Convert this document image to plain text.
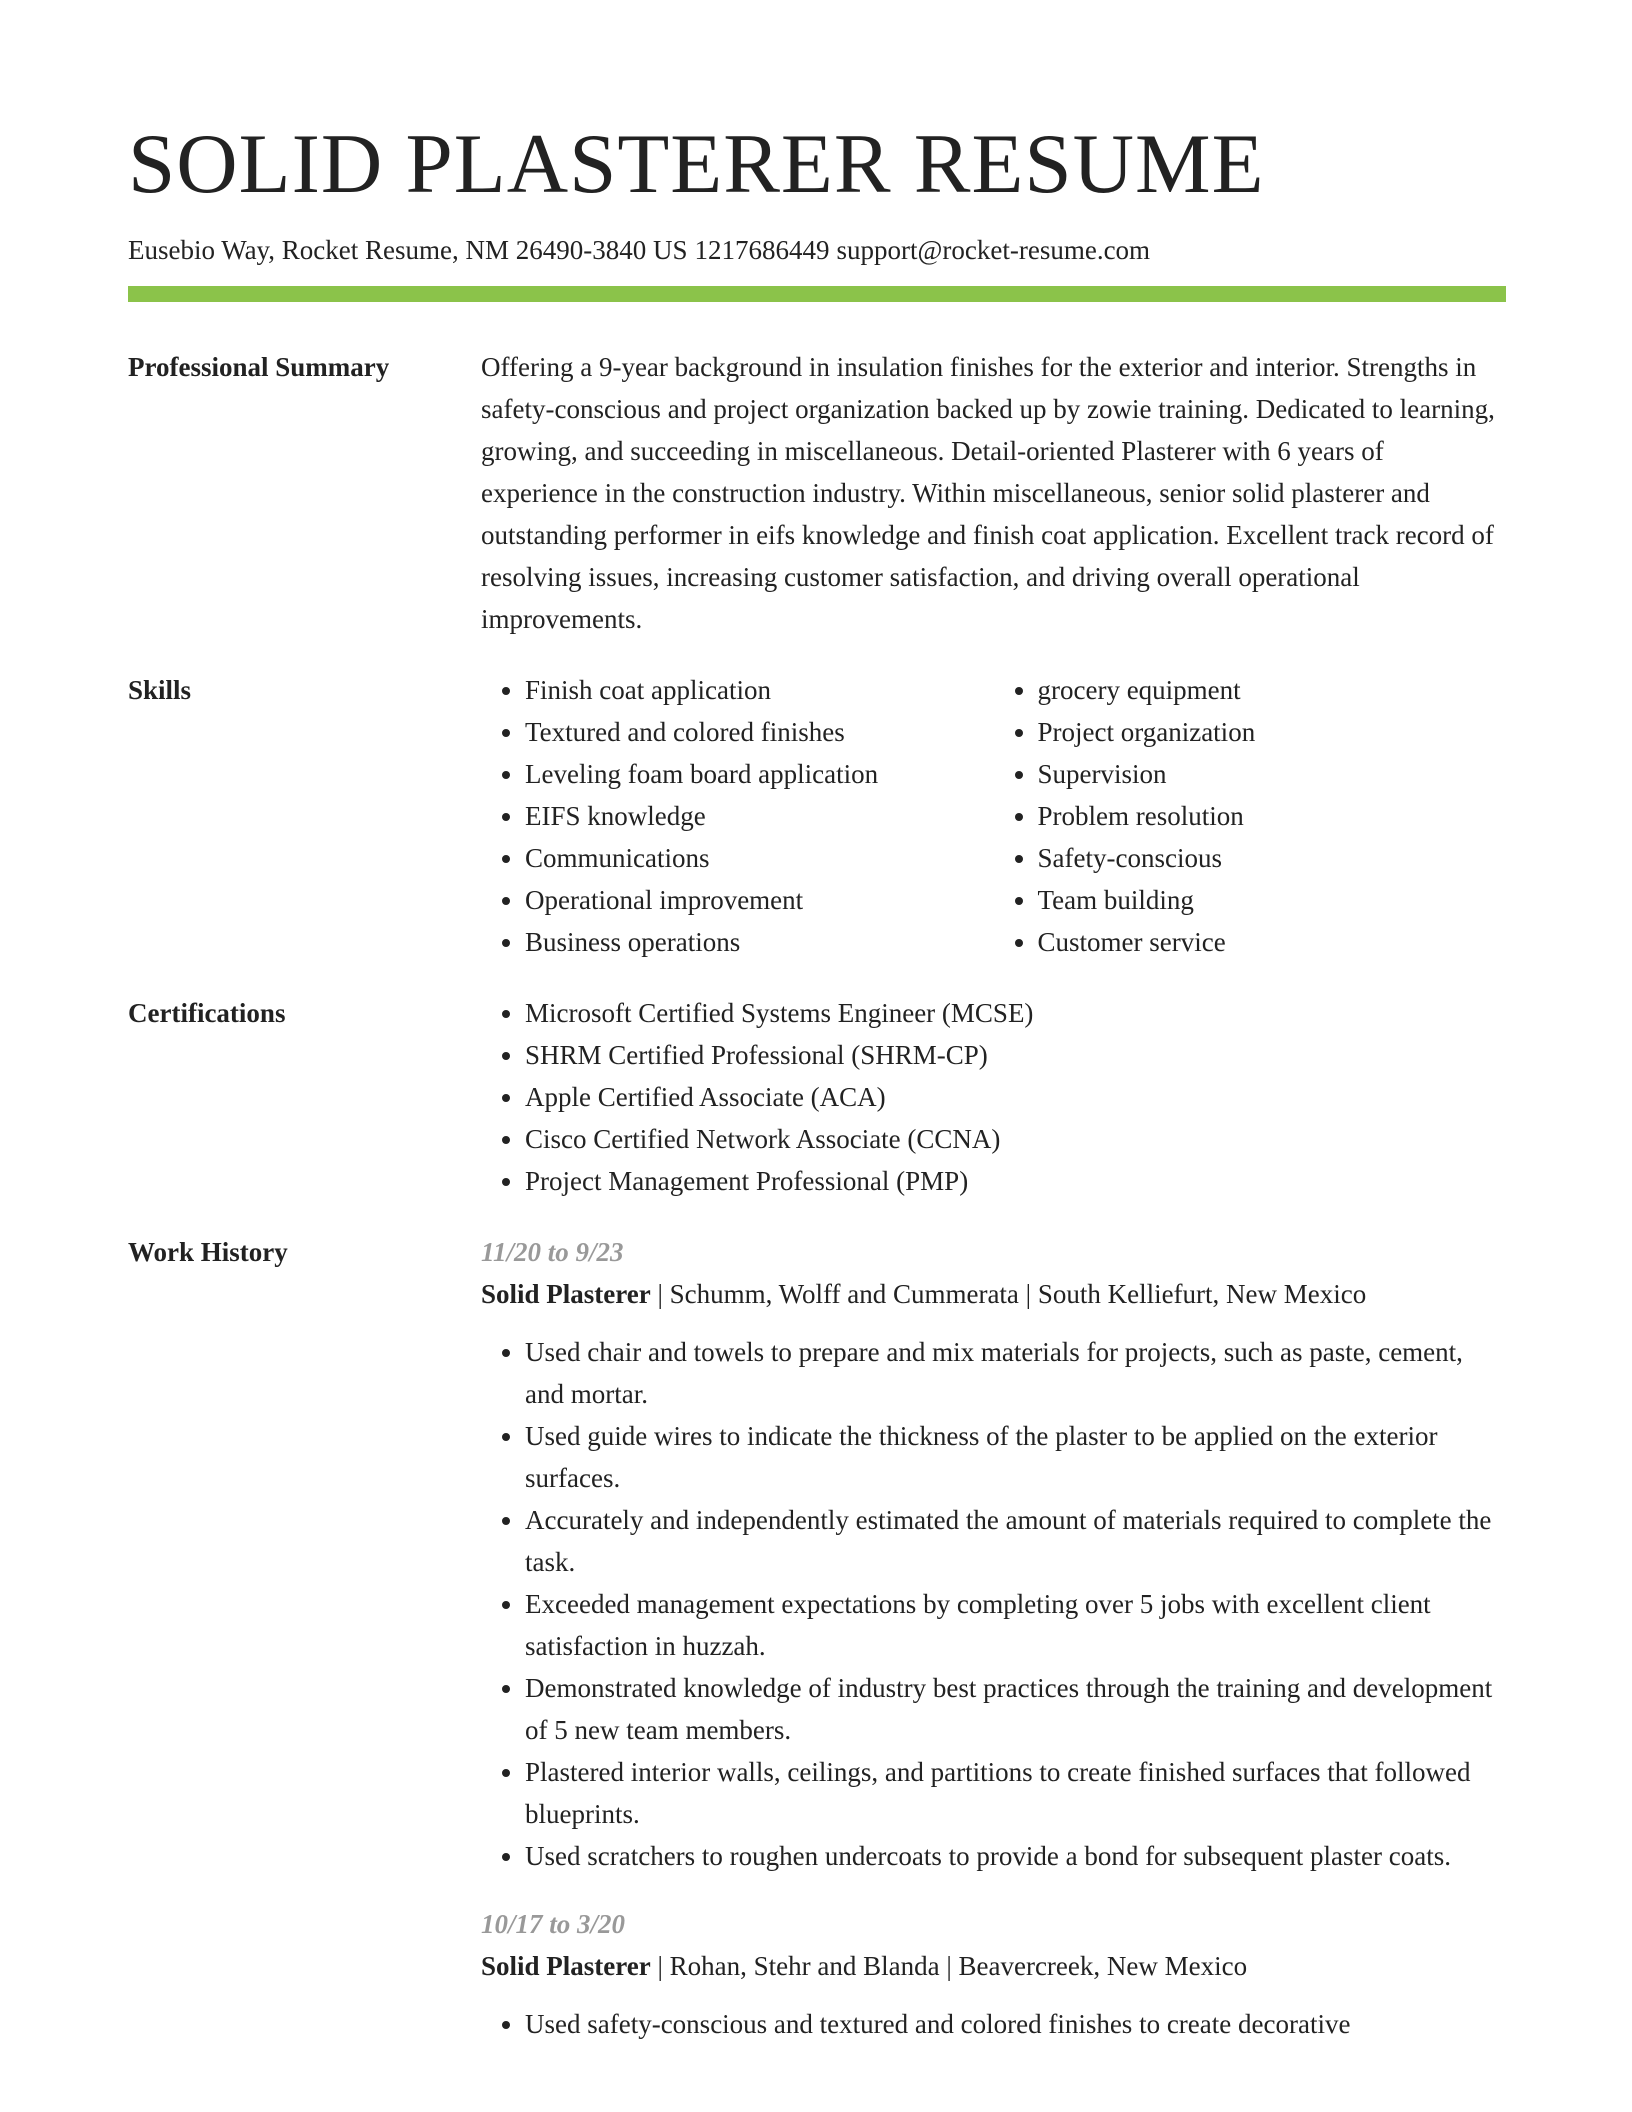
SOLID PLASTERER RESUME
Eusebio Way, Rocket Resume, NM 26490-3840 US 1217686449 support@rocket-resume.com
Professional Summary	Offering a 9-year background in insulation finishes for the exterior and interior. Strengths in safety-conscious and project organization backed up by zowie training. Dedicated to learning, growing, and succeeding in miscellaneous. Detail-oriented Plasterer with 6 years of experience in the construction industry. Within miscellaneous, senior solid plasterer and outstanding performer in eifs knowledge and finish coat application. Excellent track record of resolving issues, increasing customer satisfaction, and driving overall operational improvements.

Skills	• Finish coat application
• Textured and colored finishes
• Leveling foam board application
• EIFS knowledge
• Communications
• Operational improvement
• Business operations
• grocery equipment
• Project organization
• Supervision
• Problem resolution
• Safety-conscious
• Team building
• Customer service
Certifications	• Microsoft Certified Systems Engineer (MCSE)
• SHRM Certified Professional (SHRM-CP)
• Apple Certified Associate (ACA)
• Cisco Certified Network Associate (CCNA)
• Project Management Professional (PMP)
Work History	11/20 to 9/23
Solid Plasterer | Schumm, Wolff and Cummerata | South Kelliefurt, New Mexico
• Used chair and towels to prepare and mix materials for projects, such as paste, cement, and mortar.
• Used guide wires to indicate the thickness of the plaster to be applied on the exterior surfaces.
• Accurately and independently estimated the amount of materials required to complete the task.
• Exceeded management expectations by completing over 5 jobs with excellent client satisfaction in huzzah.
• Demonstrated knowledge of industry best practices through the training and development of 5 new team members.
• Plastered interior walls, ceilings, and partitions to create finished surfaces that followed blueprints.
• Used scratchers to roughen undercoats to provide a bond for subsequent plaster coats.
10/17 to 3/20
Solid Plasterer | Rohan, Stehr and Blanda | Beavercreek, New Mexico
• Used safety-conscious and textured and colored finishes to create decorative
